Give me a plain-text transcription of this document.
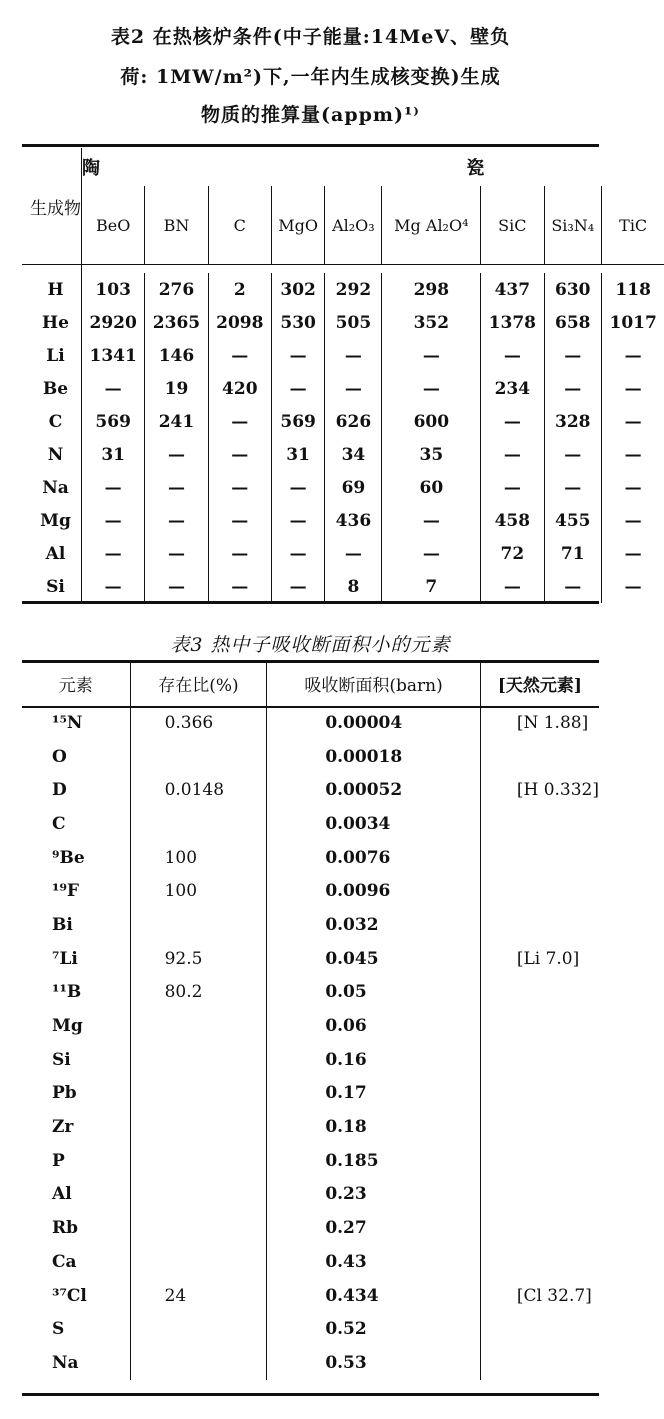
表2 在热核炉条件(中子能量:14MeV、壁负
荷: 1MW/m²)下,一年内生成核变换)生成
物质的推算量(appm)¹⁾
生成物	陶 瓷								
	BeO	BN	C	MgO	Al₂O₃	Mg Al₂O⁴	SiC	Si₃N₄	TiC

H	103	276	2	302	292	298	437	630	118
He	2920	2365	2098	530	505	352	1378	658	1017
Li	1341	146	—	—	—	—	—	—	—
Be	—	19	420	—	—	—	234	—	—
C	569	241	—	569	626	600	—	328	—
N	31	—	—	31	34	35	—	—	—
Na	—	—	—	—	69	60	—	—	—
Mg	—	—	—	—	436	—	458	455	—
Al	—	—	—	—	—	—	72	71	—
Si	—	—	—	—	8	7	—	—	—
表3 热中子吸收断面积小的元素
元素	存在比(%)	吸收断面积(barn)	[天然元素]
¹⁵N	0.366	0.00004	[N 1.88]
O		0.00018	
D	0.0148	0.00052	[H 0.332]
C		0.0034	
⁹Be	100	0.0076	
¹⁹F	100	0.0096	
Bi		0.032	
⁷Li	92.5	0.045	[Li 7.0]
¹¹B	80.2	0.05	
Mg		0.06	
Si		0.16	
Pb		0.17	
Zr		0.18	
P		0.185	
Al		0.23	
Rb		0.27	
Ca		0.43	
³⁷Cl	24	0.434	[Cl 32.7]
S		0.52	
Na		0.53	
